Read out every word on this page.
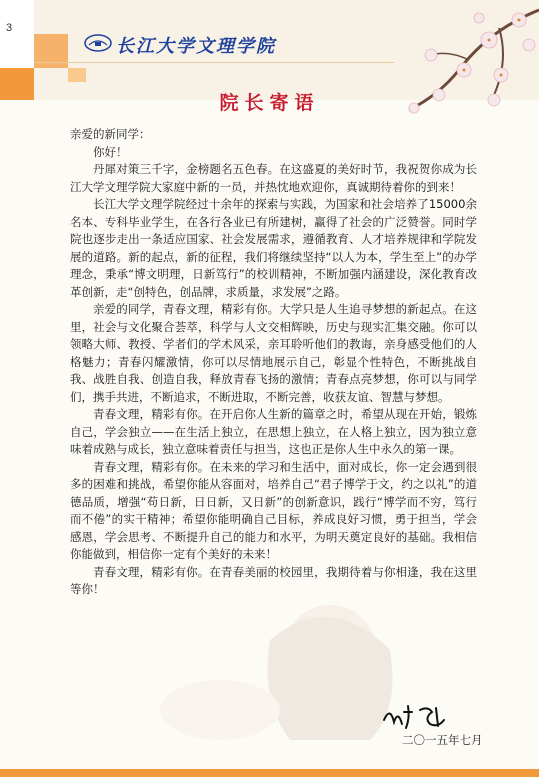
3
长江大学文理学院
院长寄语

亲爱的新同学：

你好！

丹犀对策三千字，金榜题名五色春。在这盛夏的美好时节，我祝贺你成为长江大学文理学院大家庭中新的一员，并热忱地欢迎你，真诚期待着你的到来！

长江大学文理学院经过十余年的探索与实践，为国家和社会培养了15000余名本、专科毕业学生，在各行各业已有所建树，赢得了社会的广泛赞誉。同时学院也逐步走出一条适应国家、社会发展需求，遵循教育、人才培养规律和学院发展的道路。新的起点，新的征程，我们将继续坚持“以人为本，学生至上”的办学理念，秉承“博文明理，日新笃行”的校训精神，不断加强内涵建设，深化教育改革创新，走“创特色，创品牌，求质量，求发展”之路。

亲爱的同学，青春文理，精彩有你。大学只是人生追寻梦想的新起点。在这里，社会与文化聚合荟萃，科学与人文交相辉映，历史与现实汇集交融。你可以领略大师、教授、学者们的学术风采，亲耳聆听他们的教诲，亲身感受他们的人格魅力；青春闪耀激情，你可以尽情地展示自己，彰显个性特色，不断挑战自我、战胜自我、创造自我，释放青春飞扬的激情；青春点亮梦想，你可以与同学们，携手共进，不断追求，不断进取，不断完善，收获友谊、智慧与梦想。

青春文理，精彩有你。在开启你人生新的篇章之时，希望从现在开始，锻炼自己，学会独立——在生活上独立，在思想上独立，在人格上独立，因为独立意味着成熟与成长，独立意味着责任与担当，这也正是你人生中永久的第一课。

青春文理，精彩有你。在未来的学习和生活中，面对成长，你一定会遇到很多的困难和挑战，希望你能从容面对，培养自己“君子博学于文，约之以礼”的道德品质，增强“苟日新，日日新，又日新”的创新意识，践行“博学而不穷，笃行而不倦”的实干精神；希望你能明确自己目标，养成良好习惯，勇于担当，学会感恩，学会思考、不断提升自己的能力和水平，为明天奠定良好的基础。我相信你能做到，相信你一定有个美好的未来！

青春文理，精彩有你。在青春美丽的校园里，我期待着与你相逢，我在这里等你！

二〇一五年七月
